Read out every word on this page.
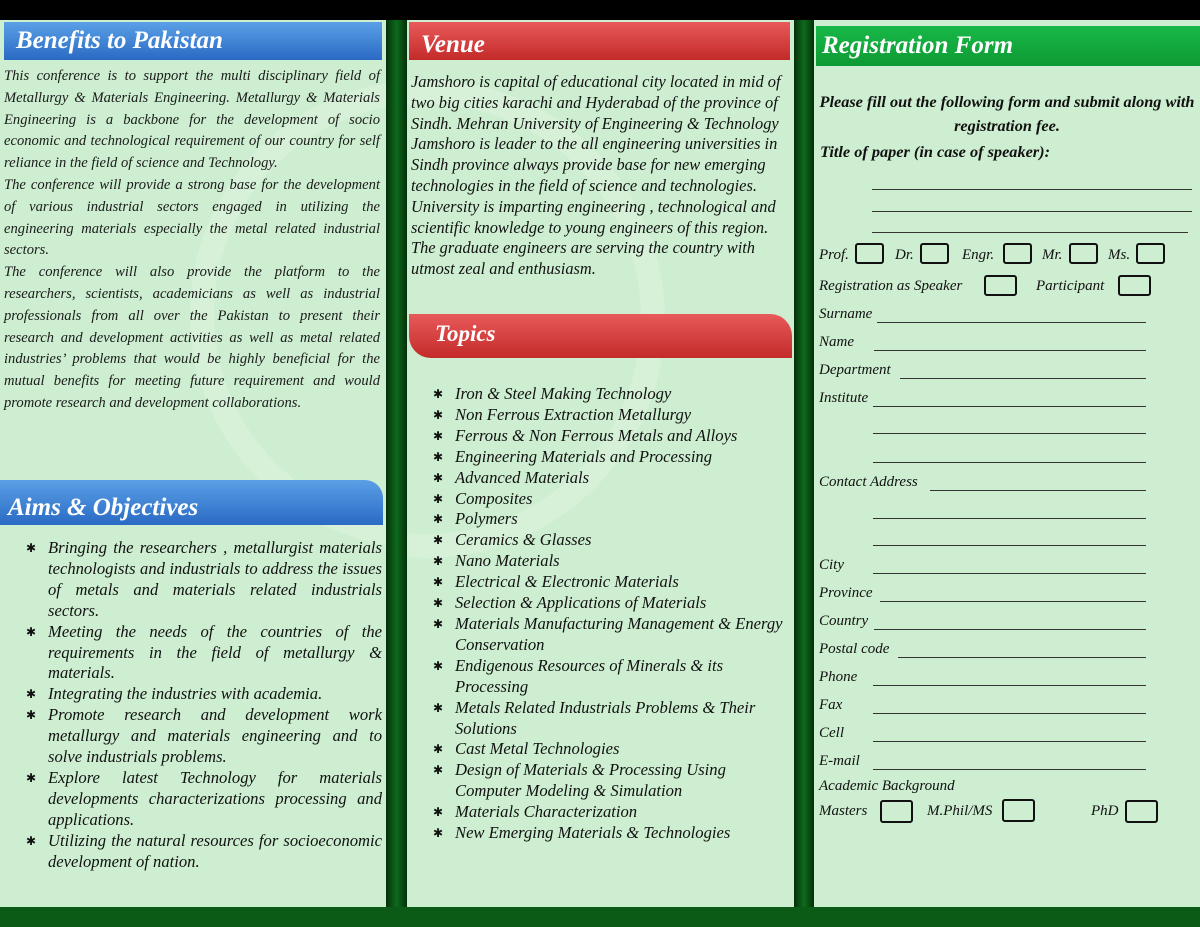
Benefits to Pakistan

This conference is to support the multi disciplinary field of Metallurgy & Materials Engineering. Metallurgy & Materials Engineering is a backbone for the development of socio economic and technological requirement of our country for self reliance in the field of science and Technology.

The conference will provide a strong base for the development of various industrial sectors engaged in utilizing the engineering materials especially the metal related industrial sectors.

The conference will also provide the platform to the researchers, scientists, academicians as well as industrial professionals from all over the Pakistan to present their research and development activities as well as metal related industries’ problems that would be highly beneficial for the mutual benefits for meeting future requirement and would promote research and development collaborations.

Aims & Objectives
✱ Bringing the researchers , metallurgist materials technologists and industrials to address the issues of metals and materials related industrials sectors.
✱ Meeting the needs of the countries of the requirements in the field of metallurgy & materials.
✱ Integrating the industries with academia.
✱ Promote research and development work metallurgy and materials engineering and to solve industrials problems.
✱ Explore latest Technology for materials developments characterizations processing and applications.
✱ Utilizing the natural resources for socioeconomic development of nation.
Venue
Jamshoro is capital of educational city located in mid of two big cities karachi and Hyderabad of the province of Sindh. Mehran University of Engineering & Technology Jamshoro is leader to the all engineering universities in Sindh province always provide base for new emerging technologies in the field of science and technologies. University is imparting engineering , technological and scientific knowledge to young engineers of this region. The graduate engineers are serving the country with utmost zeal and enthusiasm.
Topics
✱ Iron & Steel Making Technology
✱ Non Ferrous Extraction Metallurgy
✱ Ferrous & Non Ferrous Metals and Alloys
✱ Engineering Materials and Processing
✱ Advanced Materials
✱ Composites
✱ Polymers
✱ Ceramics & Glasses
✱ Nano Materials
✱ Electrical & Electronic Materials
✱ Selection & Applications of Materials
✱ Materials Manufacturing Management & Energy Conservation
✱ Endigenous Resources of Minerals & its Processing
✱ Metals Related Industrials Problems & Their Solutions
✱ Cast Metal Technologies
✱ Design of Materials & Processing Using Computer Modeling & Simulation
✱ Materials Characterization
✱ New Emerging Materials & Technologies
Registration Form
Please fill out the following form and submit along with registration fee.
Title of paper (in case of speaker):
Prof.	Dr.	Engr.	Mr.	Ms.
Registration as Speaker	Participant
Surname
Name
Department
Institute
Contact Address
City
Province
Country
Postal code
Phone
Fax
Cell
E-mail
Academic Background
Masters	M.Phil/MS	PhD
